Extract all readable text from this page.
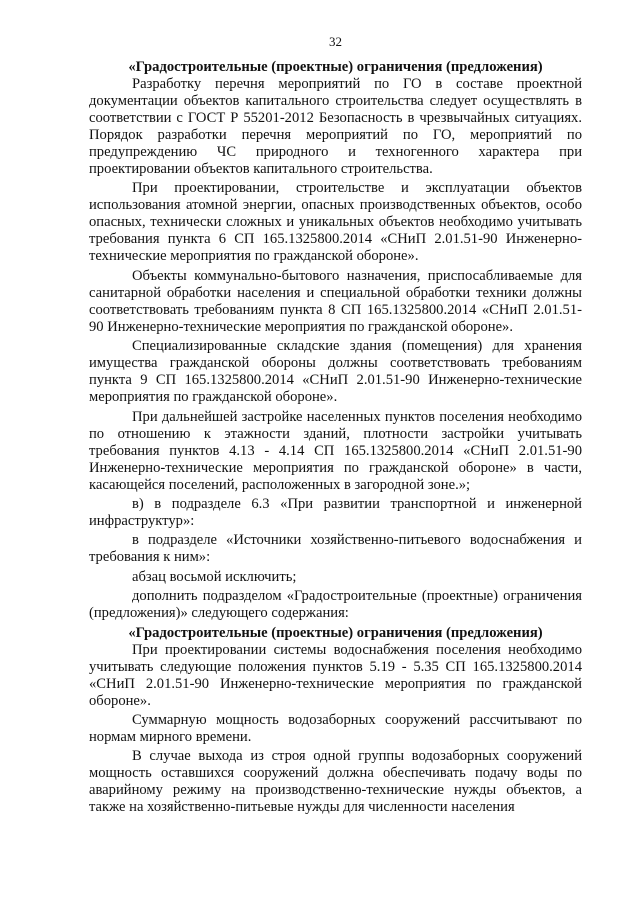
32
«Градостроительные (проектные) ограничения (предложения)

Разработку перечня мероприятий по ГО в составе проектной документации объектов капитального строительства следует осуществлять в соответствии с ГОСТ Р 55201-2012 Безопасность в чрезвычайных ситуациях. Порядок разработки перечня мероприятий по ГО, мероприятий по предупреждению ЧС природного и техногенного характера при проектировании объектов капитального строительства.

При проектировании, строительстве и эксплуатации объектов использования атомной энергии, опасных производственных объектов, особо опасных, технически сложных и уникальных объектов необходимо учитывать требования пункта 6 СП 165.1325800.2014 «СНиП 2.01.51-90 Инженерно-технические мероприятия по гражданской обороне».

Объекты коммунально-бытового назначения, приспосабливаемые для санитарной обработки населения и специальной обработки техники должны соответствовать требованиям пункта 8 СП 165.1325800.2014 «СНиП 2.01.51-90 Инженерно-технические мероприятия по гражданской обороне».

Специализированные складские здания (помещения) для хранения имущества гражданской обороны должны соответствовать требованиям пункта 9 СП 165.1325800.2014 «СНиП 2.01.51-90 Инженерно-технические мероприятия по гражданской обороне».

При дальнейшей застройке населенных пунктов поселения необходимо по отношению к этажности зданий, плотности застройки учитывать требования пунктов 4.13 - 4.14 СП 165.1325800.2014 «СНиП 2.01.51-90 Инженерно-технические мероприятия по гражданской обороне» в части, касающейся поселений, расположенных в загородной зоне.»;

в) в подразделе 6.3 «При развитии транспортной и инженерной инфраструктур»:

в подразделе «Источники хозяйственно-питьевого водоснабжения и требования к ним»:

абзац восьмой исключить;

дополнить подразделом «Градостроительные (проектные) ограничения (предложения)» следующего содержания:

«Градостроительные (проектные) ограничения (предложения)

При проектировании системы водоснабжения поселения необходимо учитывать следующие положения пунктов 5.19 - 5.35 СП 165.1325800.2014 «СНиП 2.01.51-90 Инженерно-технические мероприятия по гражданской обороне».

Суммарную мощность водозаборных сооружений рассчитывают по нормам мирного времени.

В случае выхода из строя одной группы водозаборных сооружений мощность оставшихся сооружений должна обеспечивать подачу воды по аварийному режиму на производственно-технические нужды объектов, а также на хозяйственно-питьевые нужды для численности населения
